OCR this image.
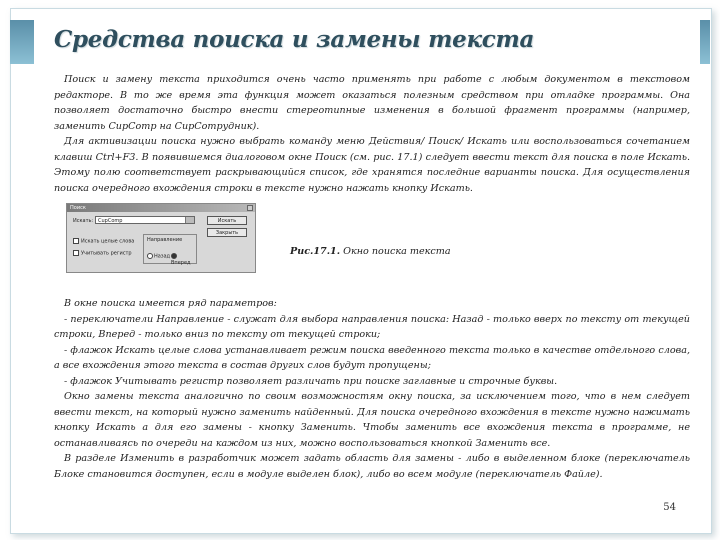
Средства поиска и замены текста

Поиск и замену текста приходится очень часто применять при работе с любым документом в текстовом редакторе. В то же время эта функция может оказаться полезным средством при отладке программы. Она позволяет достаточно быстро внести стереотипные изменения в большой фрагмент программы (например, заменить CupComp на CupCompудник).

Для активизации поиска нужно выбрать команду меню Действия/ Поиск/ Искать или воспользоваться сочетанием клавиш Ctrl+F3. В появившемся диалоговом окне Поиск (см. рис. 17.1) следует ввести текст для поиска в поле Искать. Этому полю соответствует раскрывающийся список, где хранятся последние варианты поиска. Для осуществления поиска очередного вхождения строки в тексте нужно нажать кнопку Искать.

Поиск
Искать: CupComp	Искать
Закрыть
Искать целые слова
Учитывать регистр
Направление
Назад
Вперед
Рис.17.1. Окно поиска текста

В окне поиска имеется ряд параметров:

- переключатели Направление - служат для выбора направления поиска: Назад - только вверх по тексту от текущей строки, Вперед - только вниз по тексту от текущей строки;

- флажок Искать целые слова устанавливает режим поиска введенного текста только в качестве отдельного слова, а все вхождения этого текста в состав других слов будут пропущены;

- флажок Учитывать регистр позволяет различать при поиске заглавные и строчные буквы.

Окно замены текста аналогично по своим возможностям окну поиска, за исключением того, что в нем следует ввести текст, на который нужно заменить найденный. Для поиска очередного вхождения в тексте нужно нажимать кнопку Искать а для его замены - кнопку Заменить. Чтобы заменить все вхождения текста в программе, не останавливаясь по очереди на каждом из них, можно воспользоваться кнопкой Заменить все.

В разделе Изменить в разработчик может задать область для замены - либо в выделенном блоке (переключатель Блоке становится доступен, если в модуле выделен блок), либо во всем модуле (переключатель Файле).

54
